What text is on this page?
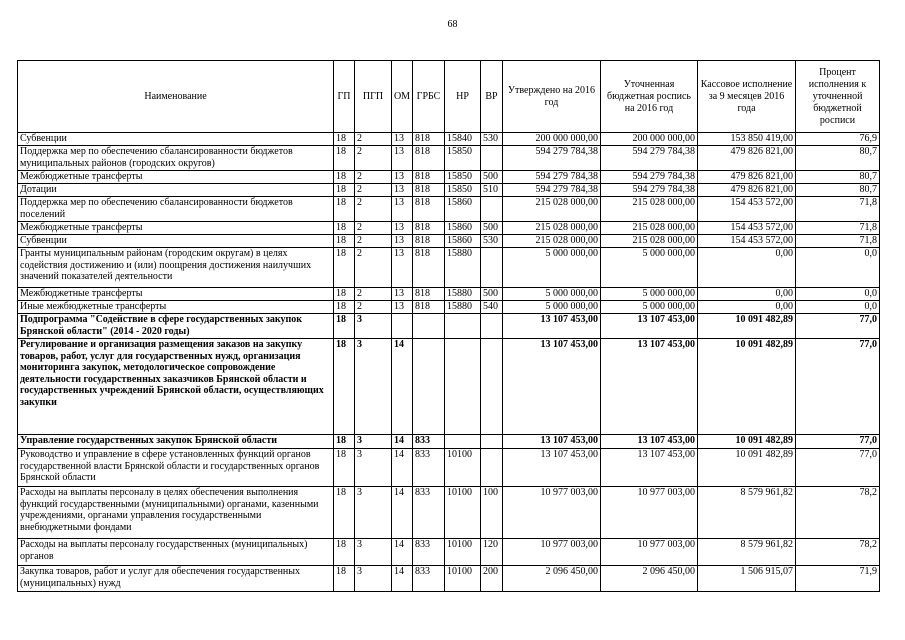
68
Наименование	ГП	ПГП	ОМ	ГРБС	НР	ВР	Утверждено на 2016 год	Уточненная бюджетная роспись на 2016 год	Кассовое исполнение за 9 месяцев 2016 года	Процент исполнения к уточненной бюджетной росписи
Субвенции	18	2	13	818	15840	530	200 000 000,00	200 000 000,00	153 850 419,00	76,9
Поддержка мер по обеспечению сбалансированности бюджетов муниципальных районов (городских округов)	18	2	13	818	15850		594 279 784,38	594 279 784,38	479 826 821,00	80,7
Межбюджетные трансферты	18	2	13	818	15850	500	594 279 784,38	594 279 784,38	479 826 821,00	80,7
Дотации	18	2	13	818	15850	510	594 279 784,38	594 279 784,38	479 826 821,00	80,7
Поддержка мер по обеспечению сбалансированности бюджетов поселений	18	2	13	818	15860		215 028 000,00	215 028 000,00	154 453 572,00	71,8
Межбюджетные трансферты	18	2	13	818	15860	500	215 028 000,00	215 028 000,00	154 453 572,00	71,8
Субвенции	18	2	13	818	15860	530	215 028 000,00	215 028 000,00	154 453 572,00	71,8
Гранты муниципальным районам (городским округам) в целях содействия достижению и (или) поощрения достижения наилучших значений показателей деятельности	18	2	13	818	15880		5 000 000,00	5 000 000,00	0,00	0,0
Межбюджетные трансферты	18	2	13	818	15880	500	5 000 000,00	5 000 000,00	0,00	0,0
Иные межбюджетные трансферты	18	2	13	818	15880	540	5 000 000,00	5 000 000,00	0,00	0,0
Подпрограмма "Содействие в сфере государственных закупок Брянской области" (2014 - 2020 годы)	18	3					13 107 453,00	13 107 453,00	10 091 482,89	77,0
Регулирование и организация размещения заказов на закупку товаров, работ, услуг для государственных нужд, организация мониторинга закупок, методологическое сопровождение деятельности государственных заказчиков Брянской области и государственных учреждений Брянской области, осуществляющих закупки	18	3	14				13 107 453,00	13 107 453,00	10 091 482,89	77,0
Управление государственных закупок Брянской области	18	3	14	833			13 107 453,00	13 107 453,00	10 091 482,89	77,0
Руководство и управление в сфере установленных функций органов государственной власти Брянской области и государственных органов Брянской области	18	3	14	833	10100		13 107 453,00	13 107 453,00	10 091 482,89	77,0
Расходы на выплаты персоналу в целях обеспечения выполнения функций государственными (муниципальными) органами, казенными учреждениями, органами управления государственными внебюджетными фондами	18	3	14	833	10100	100	10 977 003,00	10 977 003,00	8 579 961,82	78,2
Расходы на выплаты персоналу государственных (муниципальных) органов	18	3	14	833	10100	120	10 977 003,00	10 977 003,00	8 579 961,82	78,2
Закупка товаров, работ и услуг для обеспечения государственных (муниципальных) нужд	18	3	14	833	10100	200	2 096 450,00	2 096 450,00	1 506 915,07	71,9
